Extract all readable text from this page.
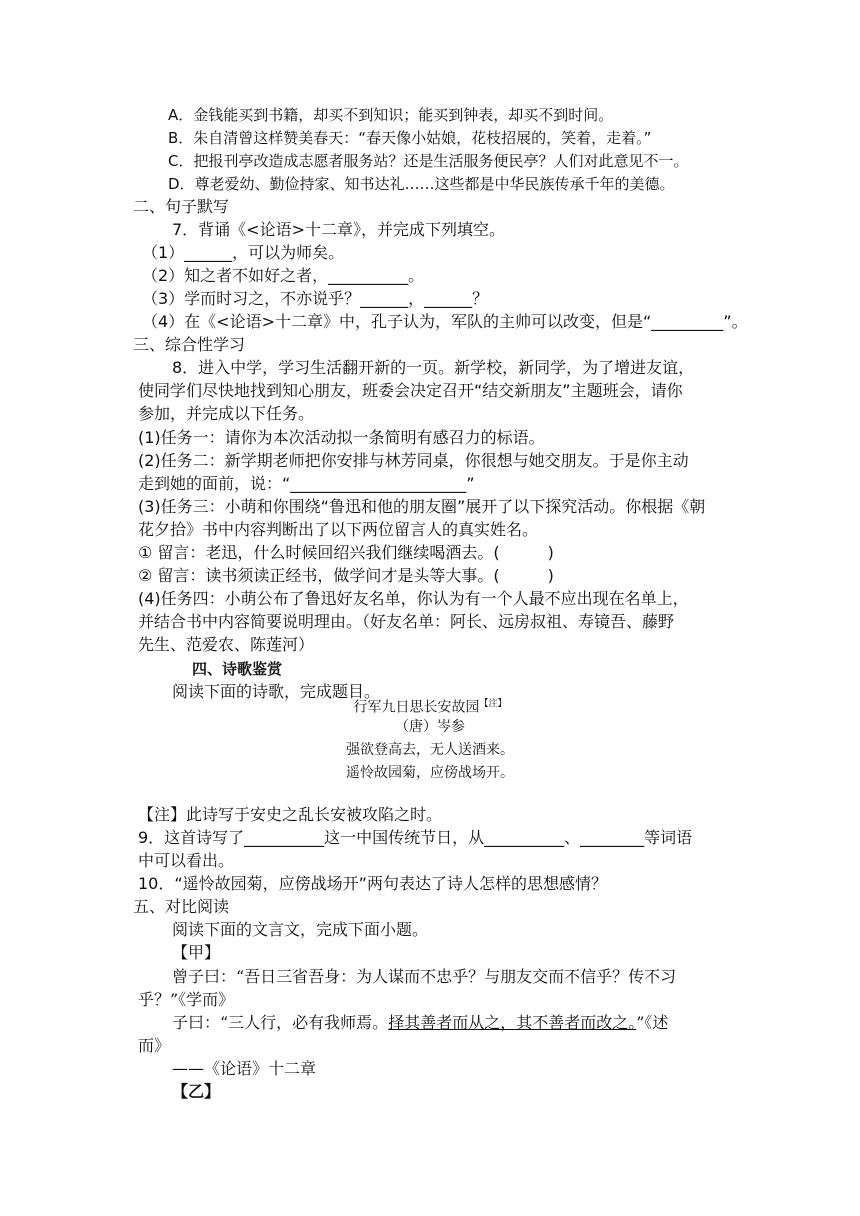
A．金钱能买到书籍，却买不到知识；能买到钟表，却买不到时间。
B．朱自清曾这样赞美春天：“春天像小姑娘，花枝招展的，笑着，走着。”
C．把报刊亭改造成志愿者服务站？还是生活服务便民亭？人们对此意见不一。
D．尊老爱幼、勤俭持家、知书达礼……这些都是中华民族传承千年的美德。
二、句子默写
7．背诵《<论语>十二章》，并完成下列填空。
（1）______，可以为师矣。
（2）知之者不如好之者，__________。
（3）学而时习之，不亦说乎？______，______？
（4）在《<论语>十二章》中，孔子认为，军队的主帅可以改变，但是“_________”。
三、综合性学习
8．进入中学，学习生活翻开新的一页。新学校，新同学，为了增进友谊，
使同学们尽快地找到知心朋友，班委会决定召开“结交新朋友”主题班会，请你
参加，并完成以下任务。
(1)任务一：请你为本次活动拟一条简明有感召力的标语。
(2)任务二：新学期老师把你安排与林芳同桌，你很想与她交朋友。于是你主动
走到她的面前，说：“______________________”
(3)任务三：小萌和你围绕“鲁迅和他的朋友圈”展开了以下探究活动。你根据《朝
花夕拾》书中内容判断出了以下两位留言人的真实姓名。
① 留言：老迅，什么时候回绍兴我们继续喝酒去。(　　　)
② 留言：读书须读正经书，做学问才是头等大事。(　　　)
(4)任务四：小萌公布了鲁迅好友名单，你认为有一个人最不应出现在名单上，
并结合书中内容简要说明理由。（好友名单：阿长、远房叔祖、寿镜吾、藤野
先生、范爱农、陈莲河）
四、诗歌鉴赏
阅读下面的诗歌，完成题目。
行军九日思长安故园$^{【注】}$
（唐）岑参
强欲登高去，无人送酒来。
遥怜故园菊，应傍战场开。
【注】此诗写于安史之乱长安被攻陷之时。
9．这首诗写了__________这一中国传统节日，从__________、________等词语
中可以看出。
10．“遥怜故园菊，应傍战场开”两句表达了诗人怎样的思想感情？
五、对比阅读
阅读下面的文言文，完成下面小题。
【甲】
曾子曰：“吾日三省吾身：为人谋而不忠乎？与朋友交而不信乎？传不习
乎？”《学而》
子曰：“三人行，必有我师焉。择其善者而从之，其不善者而改之。”《述
而》
——《论语》十二章
【乙】
